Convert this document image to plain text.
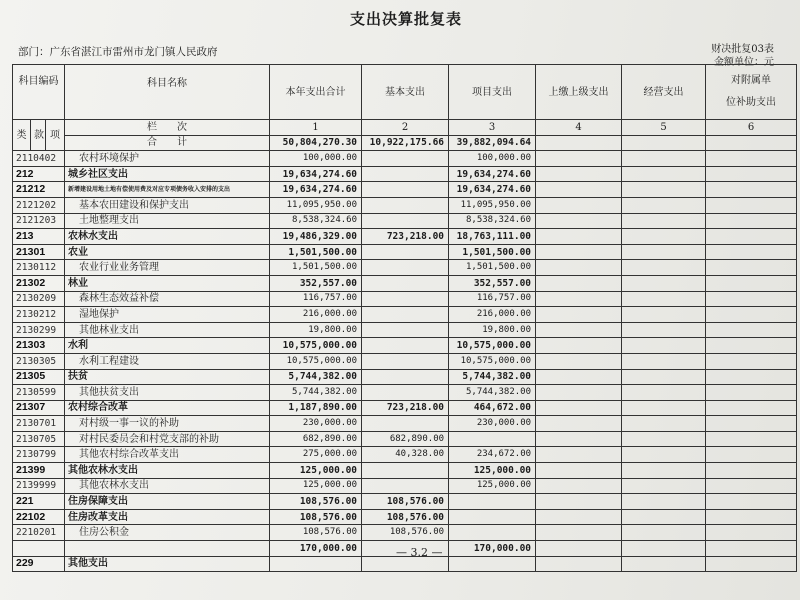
支出决算批复表
部门：广东省湛江市雷州市龙门镇人民政府	财决批复03表
金额单位：元
科目编码			科目名称	本年支出合计	基本支出	项目支出	上缴上级支出	经营支出	对附属单
位补助支出

类	款	项	栏　　次	1	2	3	4	5	6
			合　　计	50,804,270.30	10,922,175.66	39,882,094.64			
2110402			农村环境保护	100,000.00		100,000.00			
212			城乡社区支出	19,634,274.60		19,634,274.60			
21212			新增建设用地土地有偿使用费及对应专项债务收入安排的支出	19,634,274.60		19,634,274.60			
2121202			基本农田建设和保护支出	11,095,950.00		11,095,950.00			
2121203			土地整理支出	8,538,324.60		8,538,324.60			
213			农林水支出	19,486,329.00	723,218.00	18,763,111.00			
21301			农业	1,501,500.00		1,501,500.00			
2130112			农业行业业务管理	1,501,500.00		1,501,500.00			
21302			林业	352,557.00		352,557.00			
2130209			森林生态效益补偿	116,757.00		116,757.00			
2130212			湿地保护	216,000.00		216,000.00			
2130299			其他林业支出	19,800.00		19,800.00			
21303			水利	10,575,000.00		10,575,000.00			
2130305			水利工程建设	10,575,000.00		10,575,000.00			
21305			扶贫	5,744,382.00		5,744,382.00			
2130599			其他扶贫支出	5,744,382.00		5,744,382.00			
21307			农村综合改革	1,187,890.00	723,218.00	464,672.00			
2130701			对村级一事一议的补助	230,000.00		230,000.00			
2130705			对村民委员会和村党支部的补助	682,890.00	682,890.00				
2130799			其他农村综合改革支出	275,000.00	40,328.00	234,672.00			
21399			其他农林水支出	125,000.00		125,000.00			
2139999			其他农林水支出	125,000.00		125,000.00			
221			住房保障支出	108,576.00	108,576.00				
22102			住房改革支出	108,576.00	108,576.00				
2210201			住房公积金	108,576.00	108,576.00				
				170,000.00		170,000.00			
229			其他支出						
— 3.2 —
